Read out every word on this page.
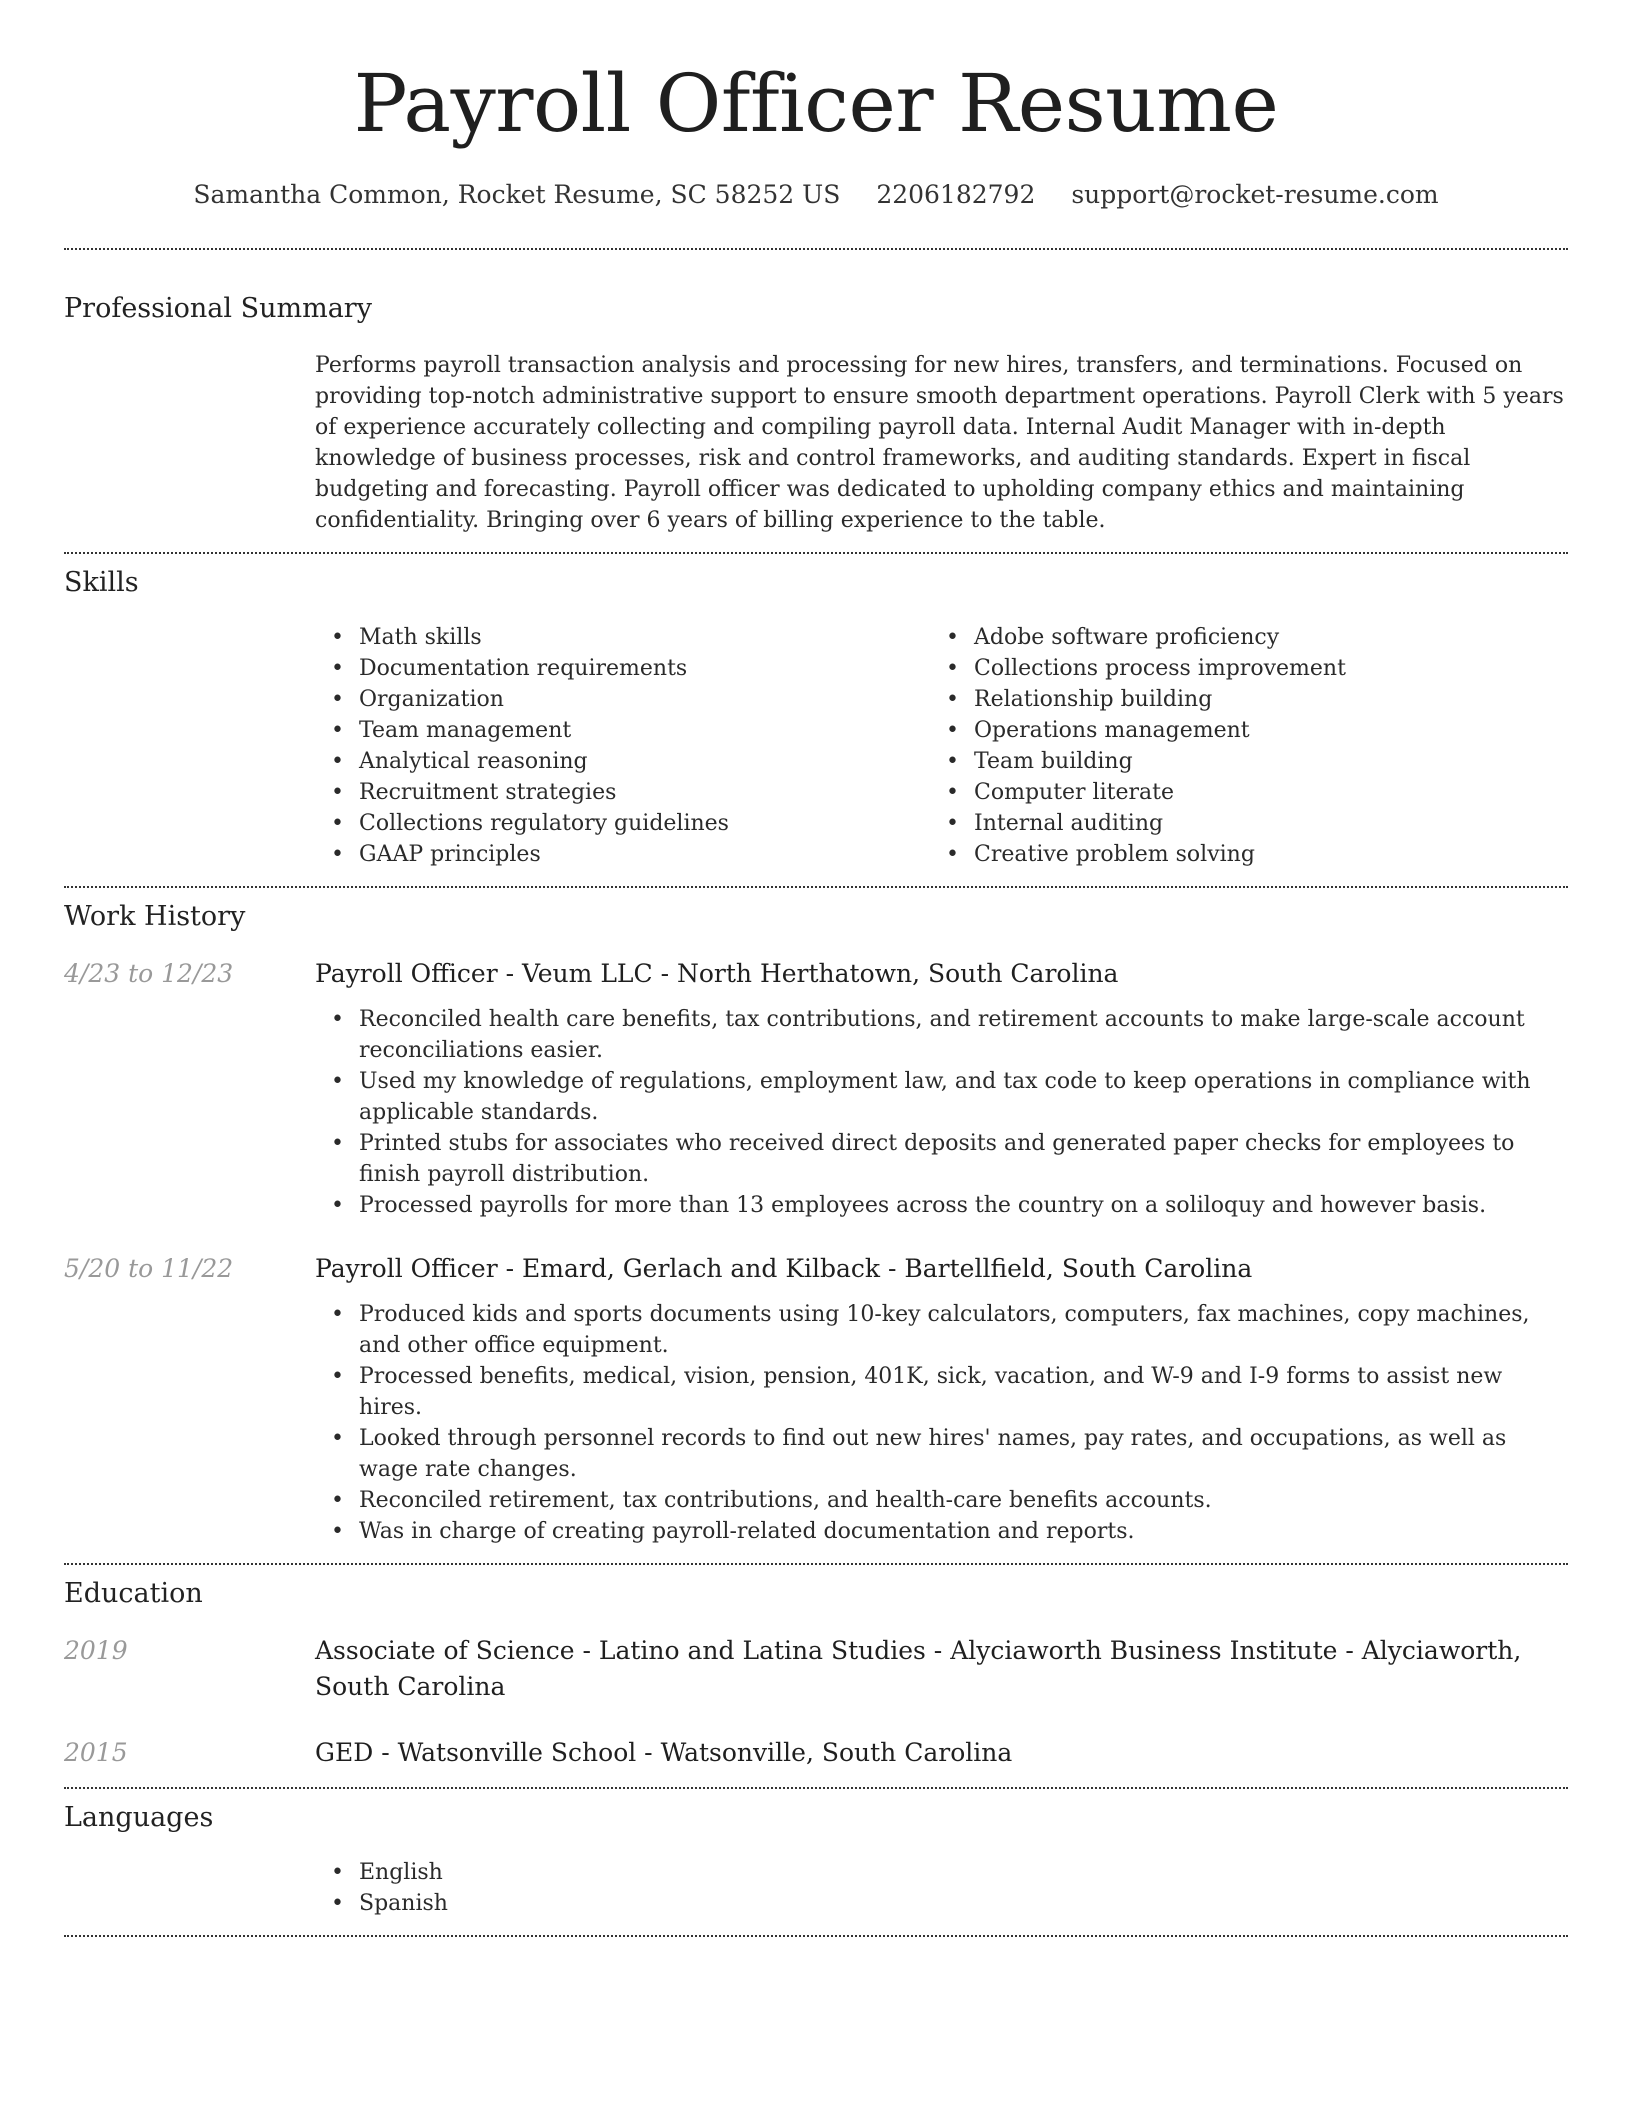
Payroll Officer Resume
Samantha Common, Rocket Resume, SC 58252 US 2206182792 support@rocket-resume.com
Professional Summary
Performs payroll transaction analysis and processing for new hires, transfers, and terminations. Focused on providing top-notch administrative support to ensure smooth department operations. Payroll Clerk with 5 years of experience accurately collecting and compiling payroll data. Internal Audit Manager with in-depth knowledge of business processes, risk and control frameworks, and auditing standards. Expert in fiscal budgeting and forecasting. Payroll officer was dedicated to upholding company ethics and maintaining confidentiality. Bringing over 6 years of billing experience to the table.
Skills
• Math skills
• Documentation requirements
• Organization
• Team management
• Analytical reasoning
• Recruitment strategies
• Collections regulatory guidelines
• GAAP principles
• Adobe software proficiency
• Collections process improvement
• Relationship building
• Operations management
• Team building
• Computer literate
• Internal auditing
• Creative problem solving
Work History
4/23 to 12/23	Payroll Officer - Veum LLC - North Herthatown, South Carolina
• Reconciled health care benefits, tax contributions, and retirement accounts to make large-scale account reconciliations easier.
• Used my knowledge of regulations, employment law, and tax code to keep operations in compliance with applicable standards.
• Printed stubs for associates who received direct deposits and generated paper checks for employees to finish payroll distribution.
• Processed payrolls for more than 13 employees across the country on a soliloquy and however basis.
5/20 to 11/22	Payroll Officer - Emard, Gerlach and Kilback - Bartellfield, South Carolina
• Produced kids and sports documents using 10-key calculators, computers, fax machines, copy machines, and other office equipment.
• Processed benefits, medical, vision, pension, 401K, sick, vacation, and W-9 and I-9 forms to assist new hires.
• Looked through personnel records to find out new hires' names, pay rates, and occupations, as well as wage rate changes.
• Reconciled retirement, tax contributions, and health-care benefits accounts.
• Was in charge of creating payroll-related documentation and reports.
Education
2019	Associate of Science - Latino and Latina Studies - Alyciaworth Business Institute - Alyciaworth, South Carolina
2015	GED - Watsonville School - Watsonville, South Carolina
Languages
• English
• Spanish
